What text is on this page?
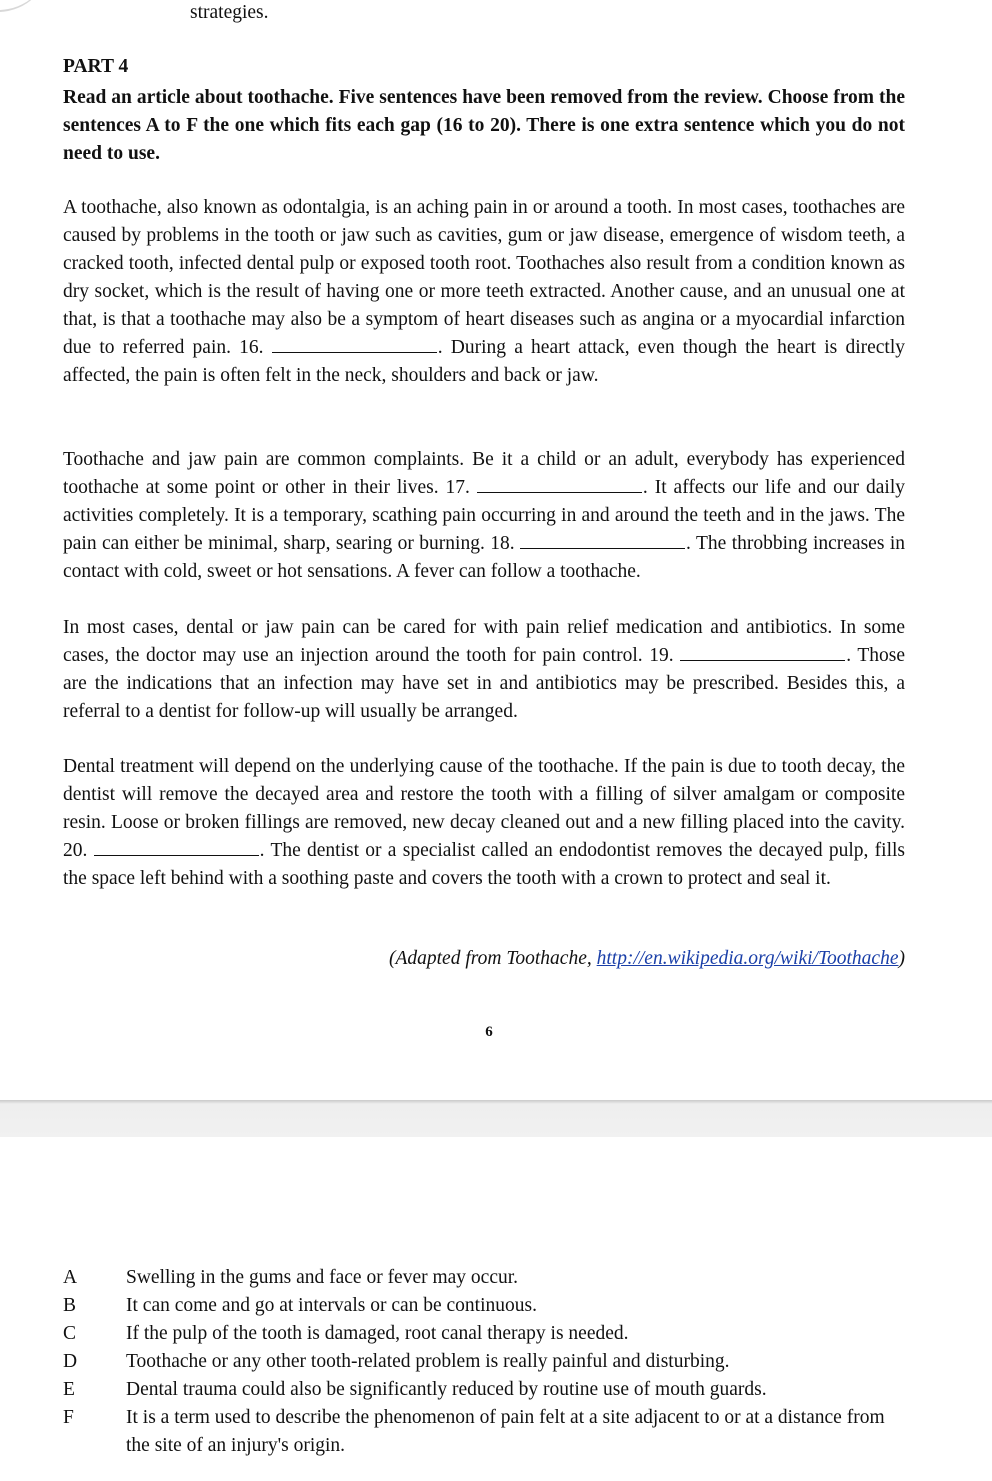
strategies.
PART 4
Read an article about toothache. Five sentences have been removed from the review. Choose from the sentences A to F the one which fits each gap (16 to 20). There is one extra sentence which you do not need to use.
A toothache, also known as odontalgia, is an aching pain in or around a tooth. In most cases, toothaches are caused by problems in the tooth or jaw such as cavities, gum or jaw disease, emergence of wisdom teeth, a cracked tooth, infected dental pulp or exposed tooth root. Toothaches also result from a condition known as dry socket, which is the result of having one or more teeth extracted. Another cause, and an unusual one at that, is that a toothache may also be a symptom of heart diseases such as angina or a myocardial infarction due to referred pain. 16.	. During a heart attack, even though the heart is directly affected, the pain is often felt in the neck, shoulders and back or jaw.
Toothache and jaw pain are common complaints. Be it a child or an adult, everybody has experienced toothache at some point or other in their lives. 17.	. It affects our life and our daily activities completely. It is a temporary, scathing pain occurring in and around the teeth and in the jaws. The pain can either be minimal, sharp, searing or burning. 18.	. The throbbing increases in contact with cold, sweet or hot sensations. A fever can follow a toothache.
In most cases, dental or jaw pain can be cared for with pain relief medication and antibiotics. In some cases, the doctor may use an injection around the tooth for pain control. 19.	. Those are the indications that an infection may have set in and antibiotics may be prescribed. Besides this, a referral to a dentist for follow-up will usually be arranged.
Dental treatment will depend on the underlying cause of the toothache. If the pain is due to tooth decay, the dentist will remove the decayed area and restore the tooth with a filling of silver amalgam or composite resin. Loose or broken fillings are removed, new decay cleaned out and a new filling placed into the cavity. 20.	. The dentist or a specialist called an endodontist removes the decayed pulp, fills the space left behind with a soothing paste and covers the tooth with a crown to protect and seal it.
(Adapted from Toothache, http://en.wikipedia.org/wiki/Toothache)
6
A	Swelling in the gums and face or fever may occur.
B	It can come and go at intervals or can be continuous.
C	If the pulp of the tooth is damaged, root canal therapy is needed.
D	Toothache or any other tooth-related problem is really painful and disturbing.
E	Dental trauma could also be significantly reduced by routine use of mouth guards.
F	It is a term used to describe the phenomenon of pain felt at a site adjacent to or at a distance from the site of an injury's origin.
